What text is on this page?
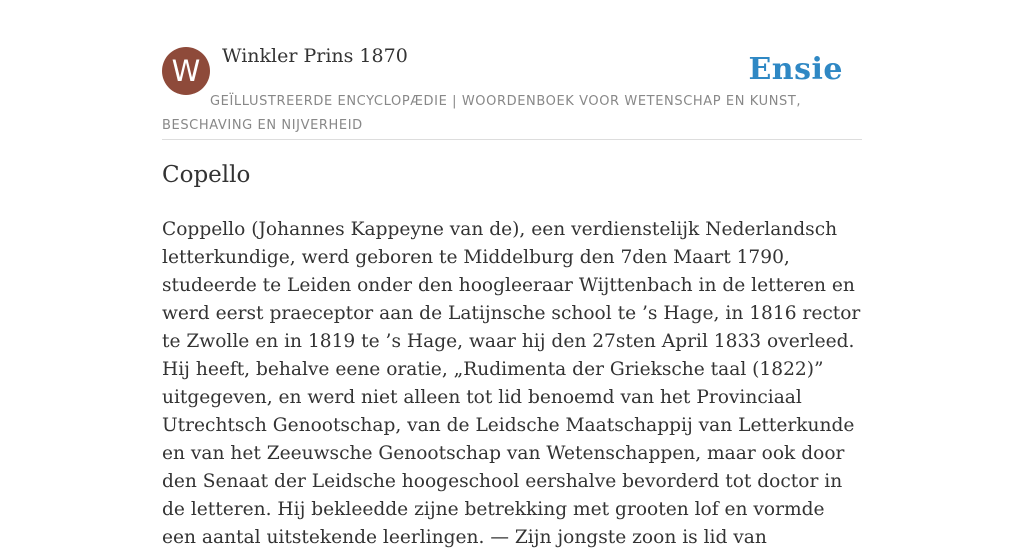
W	Winkler Prins 1870	Ensie
GEÏLLUSTREERDE ENCYCLOPÆDIE | WOORDENBOEK VOOR WETENSCHAP EN KUNST, BESCHAVING EN NIJVERHEID
Copello

Coppello (Johannes Kappeyne van de), een verdienstelijk Nederlandsch letterkundige, werd geboren te Middelburg den 7den Maart 1790, studeerde te Leiden onder den hoogleeraar Wijttenbach in de letteren en werd eerst praeceptor aan de Latijnsche school te ’s Hage, in 1816 rector te Zwolle en in 1819 te ’s Hage, waar hij den 27sten April 1833 overleed. Hij heeft, behalve eene oratie, „Rudimenta der Grieksche taal (1822)” uitgegeven, en werd niet alleen tot lid benoemd van het Provinciaal Utrechtsch Genootschap, van de Leidsche Maatschappij van Letterkunde en van het Zeeuwsche Genootschap van Wetenschappen, maar ook door den Senaat der Leidsche hoogeschool eershalve bevorderd tot doctor in de letteren. Hij bekleedde zijne betrekking met grooten lof en vormde een aantal uitstekende leerlingen. — Zijn jongste zoon is lid van
